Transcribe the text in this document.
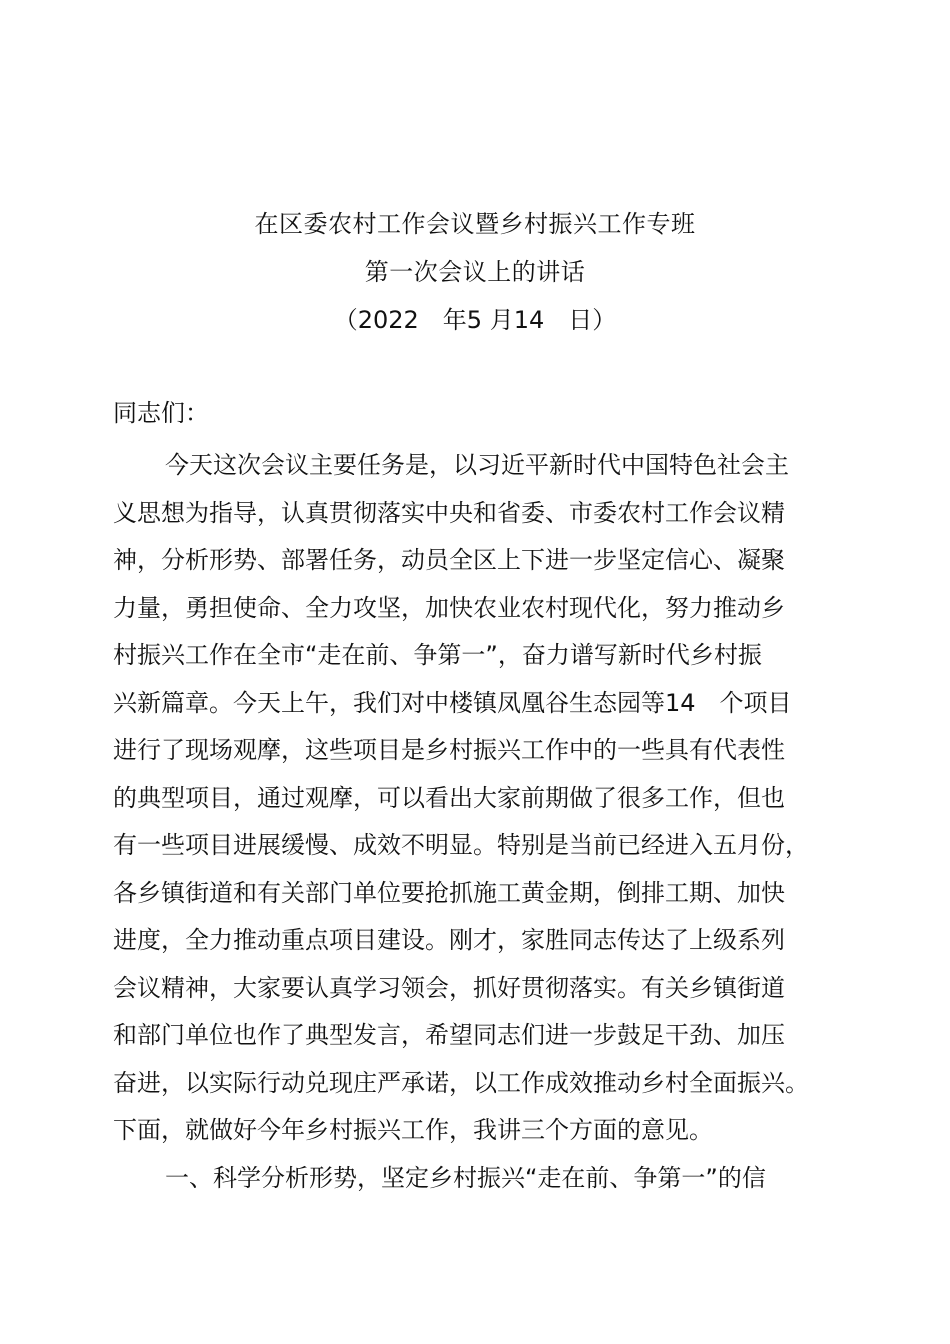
在区委农村工作会议暨乡村振兴工作专班
第一次会议上的讲话
（2022　年5 月14　日）
同志们：
今天这次会议主要任务是，以习近平新时代中国特色社会主
义思想为指导，认真贯彻落实中央和省委、市委农村工作会议精
神，分析形势、部署任务，动员全区上下进一步坚定信心、凝聚
力量，勇担使命、全力攻坚，加快农业农村现代化，努力推动乡
村振兴工作在全市“走在前、争第一”，奋力谱写新时代乡村振
兴新篇章。今天上午，我们对中楼镇凤凰谷生态园等14　个项目
进行了现场观摩，这些项目是乡村振兴工作中的一些具有代表性
的典型项目，通过观摩，可以看出大家前期做了很多工作，但也
有一些项目进展缓慢、成效不明显。特别是当前已经进入五月份，
各乡镇街道和有关部门单位要抢抓施工黄金期，倒排工期、加快
进度，全力推动重点项目建设。刚才，家胜同志传达了上级系列
会议精神，大家要认真学习领会，抓好贯彻落实。有关乡镇街道
和部门单位也作了典型发言，希望同志们进一步鼓足干劲、加压
奋进，以实际行动兑现庄严承诺，以工作成效推动乡村全面振兴。
下面，就做好今年乡村振兴工作，我讲三个方面的意见。
一、科学分析形势，坚定乡村振兴“走在前、争第一”的信
